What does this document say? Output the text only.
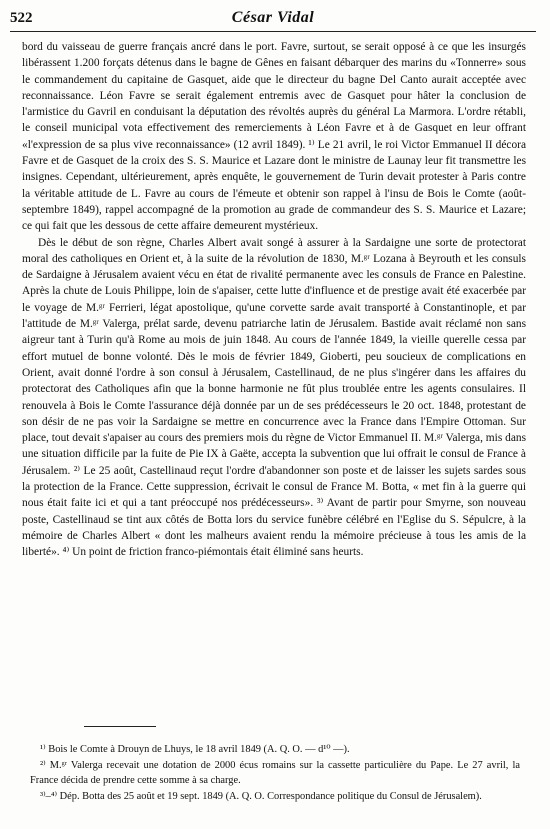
522	César Vidal

bord du vaisseau de guerre français ancré dans le port. Favre, surtout, se serait opposé à ce que les insurgés libérassent 1.200 forçats détenus dans le bagne de Gênes en faisant débarquer des marins du «Tonnerre» sous le commandement du capitaine de Gasquet, aide que le directeur du bagne Del Canto aurait acceptée avec reconnaissance. Léon Favre se serait également entremis avec de Gasquet pour hâter la conclusion de l'armistice du Gavril en conduisant la députation des révoltés auprès du général La Marmora. L'ordre rétabli, le conseil municipal vota effectivement des remerciements à Léon Favre et à de Gasquet en leur offrant «l'expression de sa plus vive reconnaissance» (12 avril 1849). ¹⁾ Le 21 avril, le roi Victor Emmanuel II décora Favre et de Gasquet de la croix des S. S. Maurice et Lazare dont le ministre de Launay leur fit transmettre les insignes. Cependant, ultérieurement, après enquête, le gouvernement de Turin devait protester à Paris contre la véritable attitude de L. Favre au cours de l'émeute et obtenir son rappel à l'insu de Bois le Comte (août-septembre 1849), rappel accompagné de la promotion au grade de commandeur des S. S. Maurice et Lazare; ce qui fait que les dessous de cette affaire demeurent mystérieux.

Dès le début de son règne, Charles Albert avait songé à assurer à la Sardaigne une sorte de protectorat moral des catholiques en Orient et, à la suite de la révolution de 1830, M.ᵍʳ Lozana à Beyrouth et les consuls de Sardaigne à Jérusalem avaient vécu en état de rivalité permanente avec les consuls de France en Palestine. Après la chute de Louis Philippe, loin de s'apaiser, cette lutte d'influence et de prestige avait été exacerbée par le voyage de M.ᵍʳ Ferrieri, légat apostolique, qu'une corvette sarde avait transporté à Constantinople, et par l'attitude de M.ᵍʳ Valerga, prélat sarde, devenu patriarche latin de Jérusalem. Bastide avait réclamé non sans aigreur tant à Turin qu'à Rome au mois de juin 1848. Au cours de l'année 1849, la vieille querelle cessa par effort mutuel de bonne volonté. Dès le mois de février 1849, Gioberti, peu soucieux de complications en Orient, avait donné l'ordre à son consul à Jérusalem, Castellinaud, de ne plus s'ingérer dans les affaires du protectorat des Catholiques afin que la bonne harmonie ne fût plus troublée entre les agents consulaires. Il renouvela à Bois le Comte l'assurance déjà donnée par un de ses prédécesseurs le 20 oct. 1848, protestant de son désir de ne pas voir la Sardaigne se mettre en concurrence avec la France dans l'Empire Ottoman. Sur place, tout devait s'apaiser au cours des premiers mois du règne de Victor Emmanuel II. M.ᵍʳ Valerga, mis dans une situation difficile par la fuite de Pie IX à Gaëte, accepta la subvention que lui offrait le consul de France à Jérusalem. ²⁾ Le 25 août, Castellinaud reçut l'ordre d'abandonner son poste et de laisser les sujets sardes sous la protection de la France. Cette suppression, écrivait le consul de France M. Botta, « met fin à la guerre qui nous était faite ici et qui a tant préoccupé nos prédécesseurs». ³⁾ Avant de partir pour Smyrne, son nouveau poste, Castellinaud se tint aux côtés de Botta lors du service funèbre célébré en l'Eglise du S. Sépulcre, à la mémoire de Charles Albert « dont les malheurs avaient rendu la mémoire précieuse à tous les amis de la liberté». ⁴⁾ Un point de friction franco-piémontais était éliminé sans heurts.

¹⁾ Bois le Comte à Drouyn de Lhuys, le 18 avril 1849 (A. Q. O. — d¹⁰ —).

²⁾ M.ᵍʳ Valerga recevait une dotation de 2000 écus romains sur la cassette particulière du Pape. Le 27 avril, la France décida de prendre cette somme à sa charge.

³⁾–⁴⁾ Dép. Botta des 25 août et 19 sept. 1849 (A. Q. O. Correspondance politique du Consul de Jérusalem).
